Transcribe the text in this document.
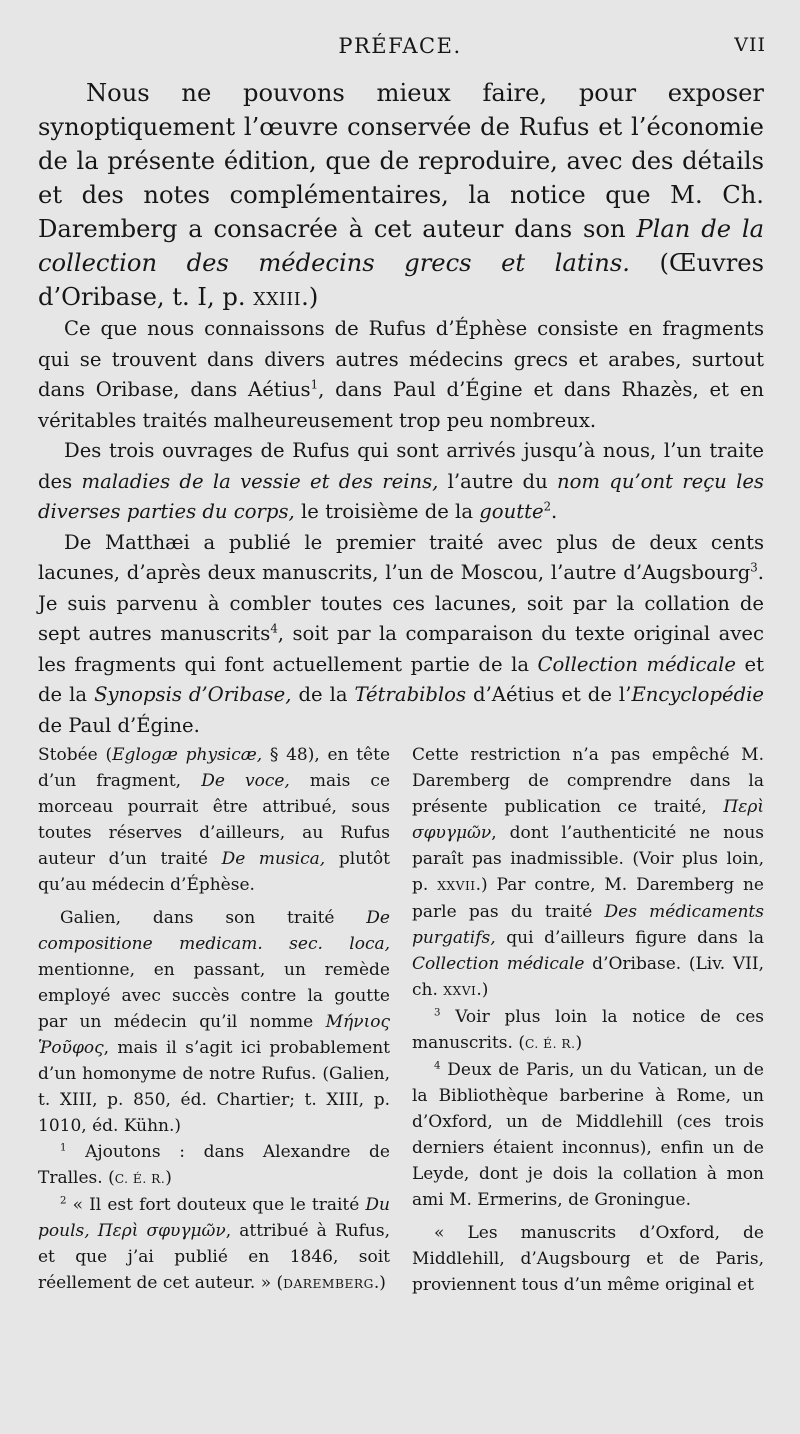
PRÉFACE.	VII

Nous ne pouvons mieux faire, pour exposer synoptiquement l’œuvre conservée de Rufus et l’économie de la présente édition, que de reproduire, avec des détails et des notes complémentaires, la notice que M. Ch. Daremberg a consacrée à cet auteur dans son Plan de la collection des médecins grecs et latins. (Œuvres d’Oribase, t. I, p. XXIII.)

Ce que nous connaissons de Rufus d’Éphèse consiste en fragments qui se trouvent dans divers autres médecins grecs et arabes, surtout dans Oribase, dans Aétius$^1$, dans Paul d’Égine et dans Rhazès, et en véritables traités malheureusement trop peu nombreux.

Des trois ouvrages de Rufus qui sont arrivés jusqu’à nous, l’un traite des maladies de la vessie et des reins, l’autre du nom qu’ont reçu les diverses parties du corps, le troisième de la goutte$^2$.

De Matthæi a publié le premier traité avec plus de deux cents lacunes, d’après deux manuscrits, l’un de Moscou, l’autre d’Augsbourg$^3$. Je suis parvenu à combler toutes ces lacunes, soit par la collation de sept autres manuscrits$^4$, soit par la comparaison du texte original avec les fragments qui font actuellement partie de la Collection médicale et de la Synopsis d’Oribase, de la Tétrabiblos d’Aétius et de l’Encyclopédie de Paul d’Égine.

Stobée (Eglogæ physicæ, § 48), en tête d’un fragment, De voce, mais ce morceau pourrait être attribué, sous toutes réserves d’ailleurs, au Rufus auteur d’un traité De musica, plutôt qu’au médecin d’Éphèse.

Galien, dans son traité De compositione medicam. sec. loca, mentionne, en passant, un remède employé avec succès contre la goutte par un médecin qu’il nomme Μήνιος Ῥοῦφος, mais il s’agit ici probablement d’un homonyme de notre Rufus. (Galien, t. XIII, p. 850, éd. Chartier; t. XIII, p. 1010, éd. Kühn.)

$^1$ Ajoutons : dans Alexandre de Tralles. (C. É. R.)

$^2$ « Il est fort douteux que le traité Du pouls, Περὶ σφυγμῶν, attribué à Rufus, et que j’ai publié en 1846, soit réellement de cet auteur. » (DAREMBERG.)

Cette restriction n’a pas empêché M. Daremberg de comprendre dans la présente publication ce traité, Περὶ σφυγμῶν, dont l’authenticité ne nous paraît pas inadmissible. (Voir plus loin, p. XXVII.) Par contre, M. Daremberg ne parle pas du traité Des médicaments purgatifs, qui d’ailleurs figure dans la Collection médicale d’Oribase. (Liv. VII, ch. XXVI.)

$^3$ Voir plus loin la notice de ces manuscrits. (C. É. R.)

$^4$ Deux de Paris, un du Vatican, un de la Bibliothèque barberine à Rome, un d’Oxford, un de Middlehill (ces trois derniers étaient inconnus), enfin un de Leyde, dont je dois la collation à mon ami M. Ermerins, de Groningue.

« Les manuscrits d’Oxford, de Middlehill, d’Augsbourg et de Paris, proviennent tous d’un même original et
